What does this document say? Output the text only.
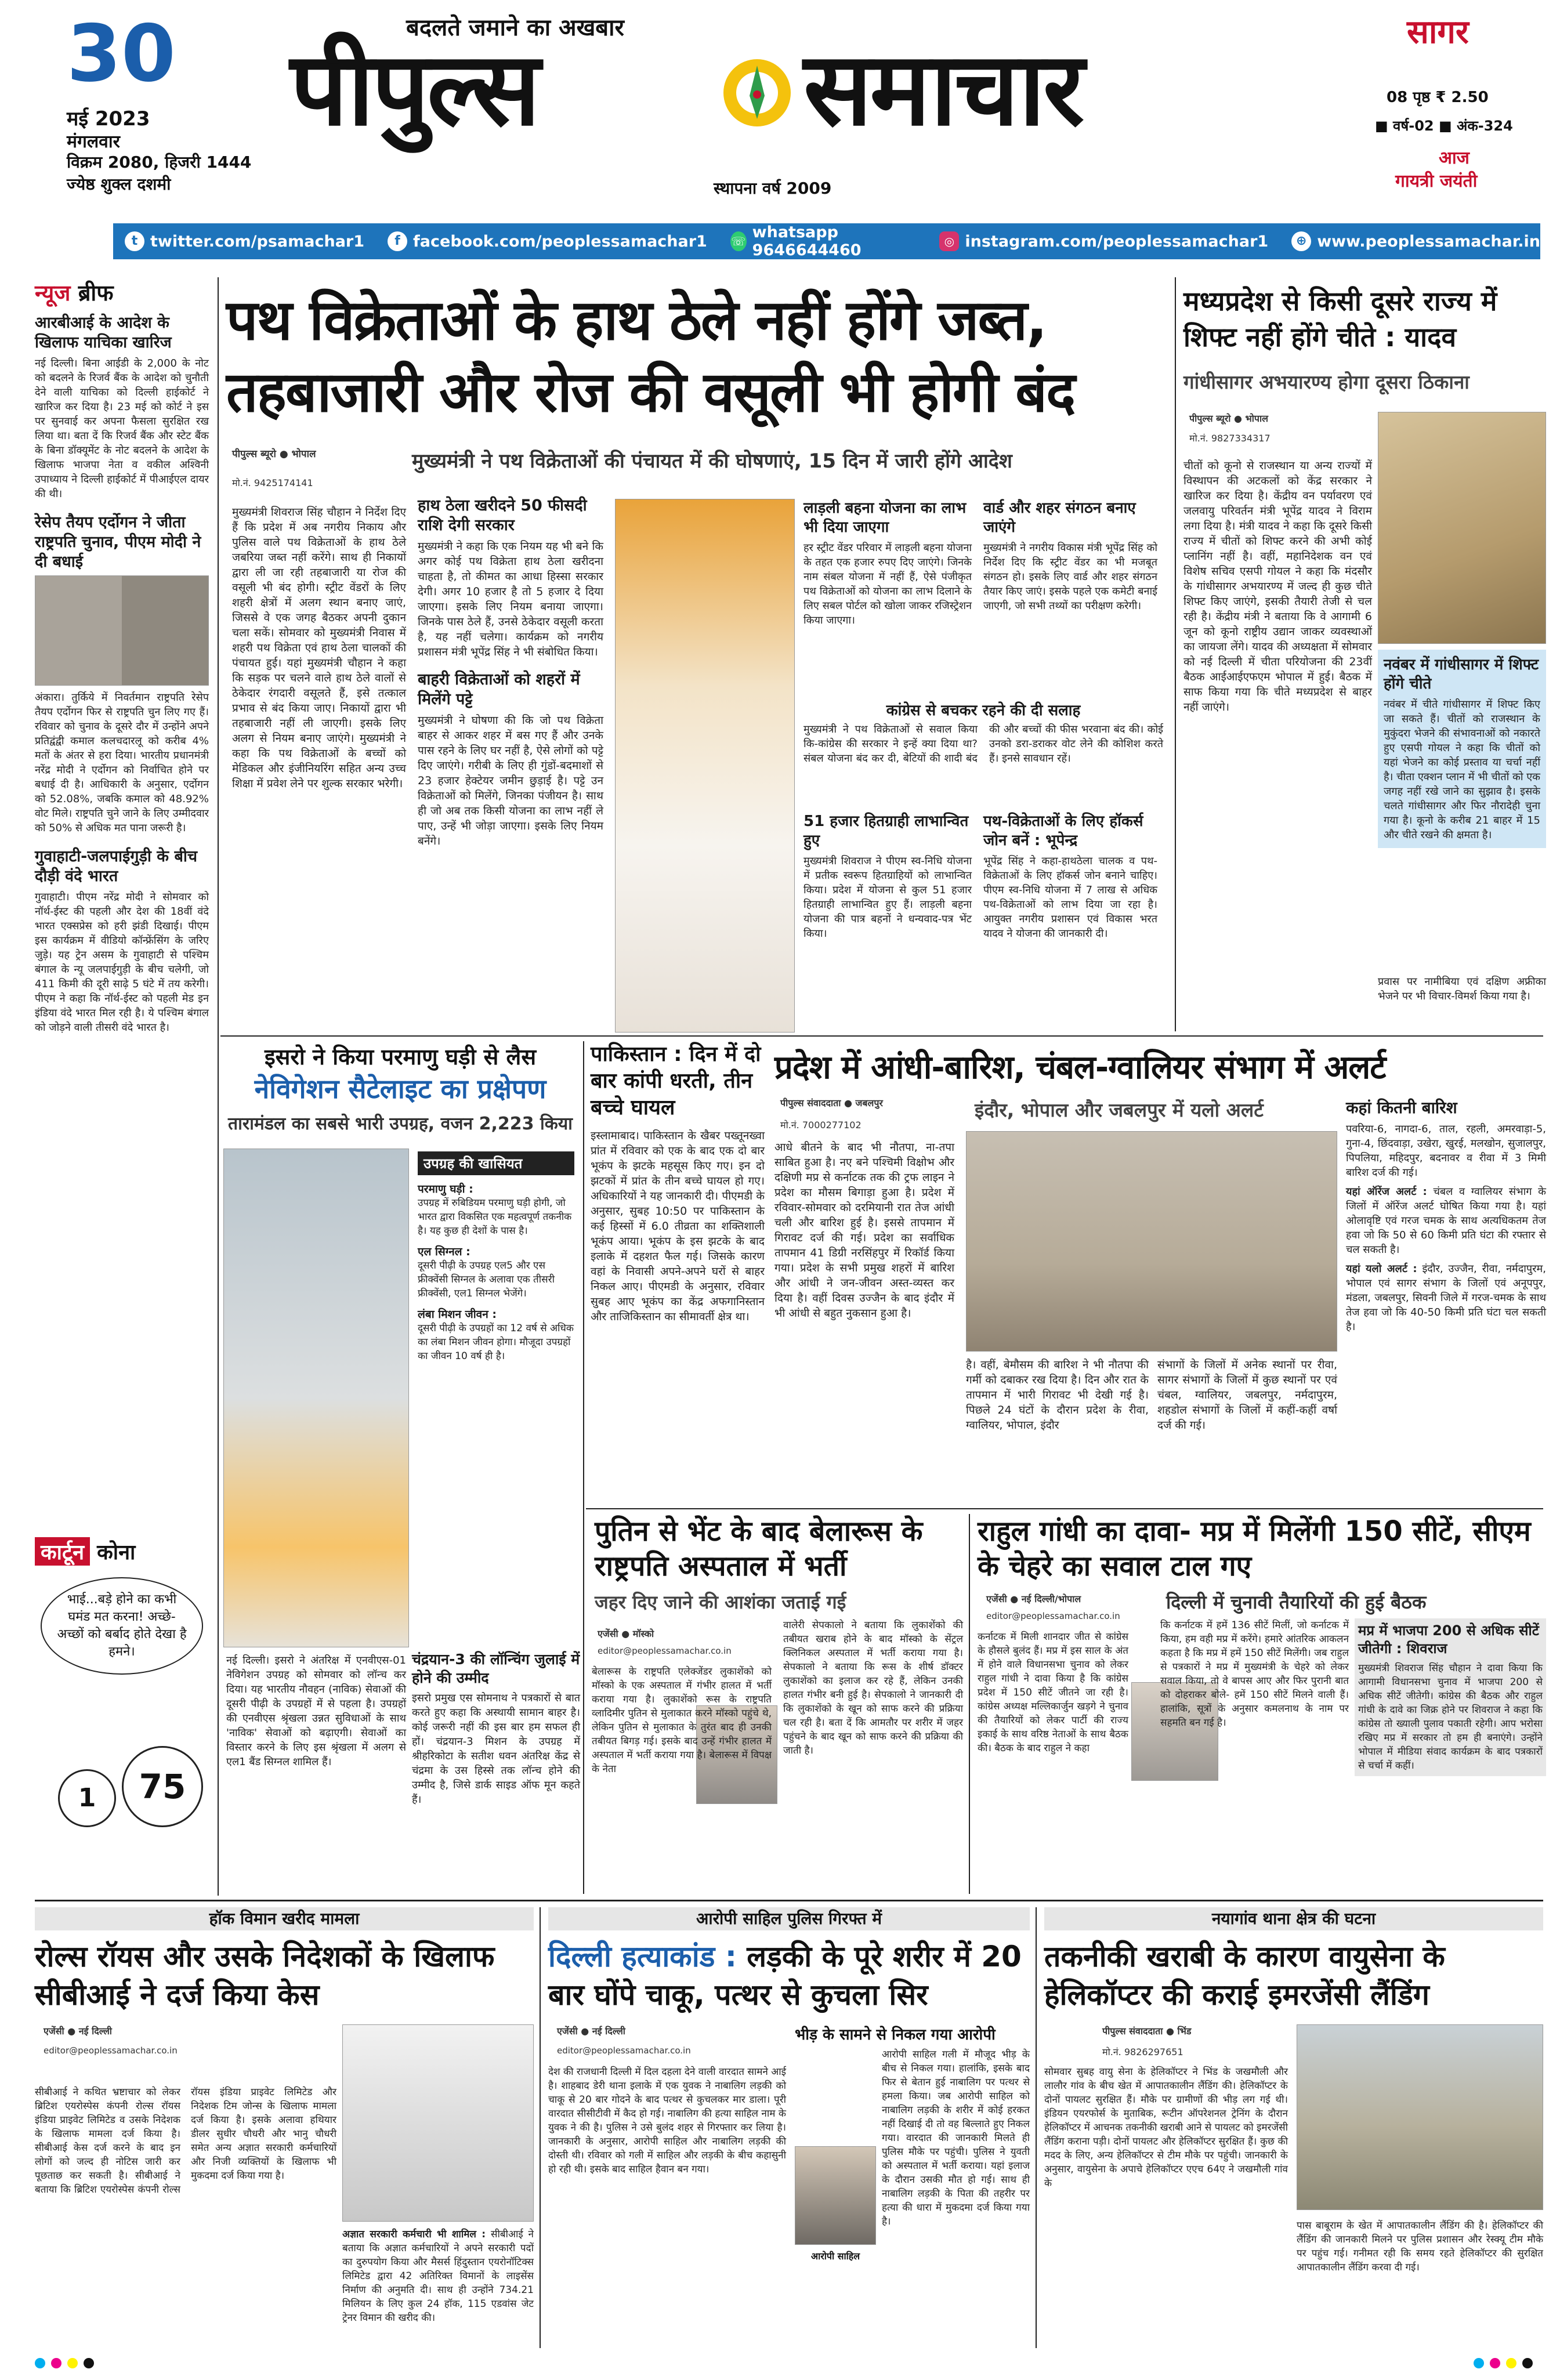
30
मई 2023
मंगलवार
विक्रम 2080, हिजरी 1444
ज्येष्ठ शुक्ल दशमी
बदलते जमाने का अखबार
पीपुल्स	समाचार
स्थापना वर्ष 2009
सागर
08 पृष्ठ ₹ 2.50
■ वर्ष-02 ■ अंक-324
आज
गायत्री जयंती
t twitter.com/psamachar1	f facebook.com/peoplessamachar1 ☏ whatsapp 9646644460	◎ instagram.com/peoplessamachar1	⊕ www.peoplessamachar.in
न्यूज ब्रीफ
आरबीआई के आदेश के खिलाफ याचिका खारिज
नई दिल्ली। बिना आईडी के 2,000 के नोट को बदलने के रिजर्व बैंक के आदेश को चुनौती देने वाली याचिका को दिल्ली हाईकोर्ट ने खारिज कर दिया है। 23 मई को कोर्ट ने इस पर सुनवाई कर अपना फैसला सुरक्षित रख लिया था। बता दें कि रिजर्व बैंक और स्टेट बैंक के बिना डॉक्यूमेंट के नोट बदलने के आदेश के खिलाफ भाजपा नेता व वकील अश्विनी उपाध्याय ने दिल्ली हाईकोर्ट में पीआईएल दायर की थी।
रेसेप तैयप एर्दोगन ने जीता राष्ट्रपति चुनाव, पीएम मोदी ने दी बधाई
अंकारा। तुर्किये में निवर्तमान राष्ट्रपति रेसेप तैयप एर्दोगन फिर से राष्ट्रपति चुन लिए गए हैं। रविवार को चुनाव के दूसरे दौर में उन्होंने अपने प्रतिद्वंद्वी कमाल कलचदारलू को करीब 4% मतों के अंतर से हरा दिया। भारतीय प्रधानमंत्री नरेंद्र मोदी ने एर्दोगन को निर्वाचित होने पर बधाई दी है। आधिकारी के अनुसार, एर्दोगन को 52.08%, जबकि कमाल को 48.92% वोट मिले। राष्ट्रपति चुने जाने के लिए उम्मीदवार को 50% से अधिक मत पाना जरूरी है।
गुवाहाटी-जलपाईगुड़ी के बीच दौड़ी वंदे भारत
गुवाहाटी। पीएम नरेंद्र मोदी ने सोमवार को नॉर्थ-ईस्ट की पहली और देश की 18वीं वंदे भारत एक्सप्रेस को हरी झंडी दिखाई। पीएम इस कार्यक्रम में वीडियो कॉन्फ्रेंसिंग के जरिए जुड़े। यह ट्रेन असम के गुवाहाटी से पश्चिम बंगाल के न्यू जलपाईगुड़ी के बीच चलेगी, जो 411 किमी की दूरी साढ़े 5 घंटे में तय करेगी। पीएम ने कहा कि नॉर्थ-ईस्ट को पहली मेड इन इंडिया वंदे भारत मिल रही है। ये पश्चिम बंगाल को जोड़ने वाली तीसरी वंदे भारत है।
कार्टून कोना
भाई...बड़े होने का कभी घमंड मत करना! अच्छे-अच्छों को बर्बाद होते देखा है हमने।
1	75
पथ विक्रेताओं के हाथ ठेले नहीं होंगे जब्त, तहबाजारी और रोज की वसूली भी होगी बंद
पीपुल्स ब्यूरो ● भोपाल
मो.नं. 9425174141
मुख्यमंत्री ने पथ विक्रेताओं की पंचायत में की घोषणाएं, 15 दिन में जारी होंगे आदेश
मुख्यमंत्री शिवराज सिंह चौहान ने निर्देश दिए हैं कि प्रदेश में अब नगरीय निकाय और पुलिस वाले पथ विक्रेताओं के हाथ ठेले जबरिया जब्त नहीं करेंगे। साथ ही निकायों द्वारा ली जा रही तहबाजारी या रोज की वसूली भी बंद होगी। स्ट्रीट वेंडरों के लिए शहरी क्षेत्रों में अलग स्थान बनाए जाएं, जिससे वे एक जगह बैठकर अपनी दुकान चला सकें। सोमवार को मुख्यमंत्री निवास में शहरी पथ विक्रेता एवं हाथ ठेला चालकों की पंचायत हुई। यहां मुख्यमंत्री चौहान ने कहा कि सड़क पर चलने वाले हाथ ठेले वालों से ठेकेदार रंगदारी वसूलते हैं, इसे तत्काल प्रभाव से बंद किया जाए। निकायों द्वारा भी तहबाजारी नहीं ली जाएगी। इसके लिए अलग से नियम बनाए जाएंगे। मुख्यमंत्री ने कहा कि पथ विक्रेताओं के बच्चों को मेडिकल और इंजीनियरिंग सहित अन्य उच्च शिक्षा में प्रवेश लेने पर शुल्क सरकार भरेगी।
हाथ ठेला खरीदने 50 फीसदी राशि देगी सरकार
मुख्यमंत्री ने कहा कि एक नियम यह भी बने कि अगर कोई पथ विक्रेता हाथ ठेला खरीदना चाहता है, तो कीमत का आधा हिस्सा सरकार देगी। अगर 10 हजार है तो 5 हजार दे दिया जाएगा। इसके लिए नियम बनाया जाएगा। जिनके पास ठेले हैं, उनसे ठेकेदार वसूली करता है, यह नहीं चलेगा। कार्यक्रम को नगरीय प्रशासन मंत्री भूपेंद्र सिंह ने भी संबोधित किया।
बाहरी विक्रेताओं को शहरों में मिलेंगे पट्टे
मुख्यमंत्री ने घोषणा की कि जो पथ विक्रेता बाहर से आकर शहर में बस गए हैं और उनके पास रहने के लिए घर नहीं है, ऐसे लोगों को पट्टे दिए जाएंगे। गरीबी के लिए ही गुंडों-बदमाशों से 23 हजार हेक्टेयर जमीन छुड़ाई है। पट्टे उन विक्रेताओं को मिलेंगे, जिनका पंजीयन है। साथ ही जो अब तक किसी योजना का लाभ नहीं ले पाए, उन्हें भी जोड़ा जाएगा। इसके लिए नियम बनेंगे।
लाड़ली बहना योजना का लाभ भी दिया जाएगा
हर स्ट्रीट वेंडर परिवार में लाड़ली बहना योजना के तहत एक हजार रुपए दिए जाएंगे। जिनके नाम संबल योजना में नहीं हैं, ऐसे पंजीकृत पथ विक्रेताओं को योजना का लाभ दिलाने के लिए सबल पोर्टल को खोला जाकर रजिस्ट्रेशन किया जाएगा।
वार्ड और शहर संगठन बनाए जाएंगे
मुख्यमंत्री ने नगरीय विकास मंत्री भूपेंद्र सिंह को निर्देश दिए कि स्ट्रीट वेंडर का भी मजबूत संगठन हो। इसके लिए वार्ड और शहर संगठन तैयार किए जाएं। इसके पहले एक कमेटी बनाई जाएगी, जो सभी तथ्यों का परीक्षण करेगी।
कांग्रेस से बचकर रहने की दी सलाह
मुख्यमंत्री ने पथ विक्रेताओं से सवाल किया कि-कांग्रेस की सरकार ने इन्हें क्या दिया था? संबल योजना बंद कर दी, बेटियों की शादी बंद की और बच्चों की फीस भरवाना बंद की। कोई उनको डरा-डराकर वोट लेने की कोशिश करते हैं। इनसे सावधान रहें।
51 हजार हितग्राही लाभान्वित हुए
मुख्यमंत्री शिवराज ने पीएम स्व-निधि योजना में प्रतीक स्वरूप हितग्राहियों को लाभान्वित किया। प्रदेश में योजना से कुल 51 हजार हितग्राही लाभान्वित हुए हैं। लाड़ली बहना योजना की पात्र बहनों ने धन्यवाद-पत्र भेंट किया।
पथ-विक्रेताओं के लिए हॉकर्स जोन बनें : भूपेन्द्र
भूपेंद्र सिंह ने कहा-हाथठेला चालक व पथ-विक्रेताओं के लिए हॉकर्स जोन बनाने चाहिए। पीएम स्व-निधि योजना में 7 लाख से अधिक पथ-विक्रेताओं को लाभ दिया जा रहा है। आयुक्त नगरीय प्रशासन एवं विकास भरत यादव ने योजना की जानकारी दी।
मध्यप्रदेश से किसी दूसरे राज्य में शिफ्ट नहीं होंगे चीते : यादव
गांधीसागर अभयारण्य होगा दूसरा ठिकाना
पीपुल्स ब्यूरो ● भोपाल
मो.नं. 9827334317
चीतों को कूनो से राजस्थान या अन्य राज्यों में विस्थापन की अटकलों को केंद्र सरकार ने खारिज कर दिया है। केंद्रीय वन पर्यावरण एवं जलवायु परिवर्तन मंत्री भूपेंद्र यादव ने विराम लगा दिया है। मंत्री यादव ने कहा कि दूसरे किसी राज्य में चीतों को शिफ्ट करने की अभी कोई प्लानिंग नहीं है। वहीं, महानिदेशक वन एवं विशेष सचिव एसपी गोयल ने कहा कि मंदसौर के गांधीसागर अभयारण्य में जल्द ही कुछ चीते शिफ्ट किए जाएंगे, इसकी तैयारी तेजी से चल रही है। केंद्रीय मंत्री ने बताया कि वे आगामी 6 जून को कूनो राष्ट्रीय उद्यान जाकर व्यवस्थाओं का जायजा लेंगे। यादव की अध्यक्षता में सोमवार को नई दिल्ली में चीता परियोजना की 23वीं बैठक आईआईएफएम भोपाल में हुई। बैठक में साफ किया गया कि चीते मध्यप्रदेश से बाहर नहीं जाएंगे।
नवंबर में गांधीसागर में शिफ्ट होंगे चीते
नवंबर में चीते गांधीसागर में शिफ्ट किए जा सकते हैं। चीतों को राजस्थान के मुकुंदरा भेजने की संभावनाओं को नकारते हुए एसपी गोयल ने कहा कि चीतों को यहां भेजने का कोई प्रस्ताव या चर्चा नहीं है। चीता एक्शन प्लान में भी चीतों को एक जगह नहीं रखे जाने का सुझाव है। इसके चलते गांधीसागर और फिर नौरादेही चुना गया है। कूनो के करीब 21 बाहर में 15 और चीते रखने की क्षमता है।
प्रवास पर नामीबिया एवं दक्षिण अफ्रीका भेजने पर भी विचार-विमर्श किया गया है।
इसरो ने किया परमाणु घड़ी से लैस
नेविगेशन सैटेलाइट का प्रक्षेपण
तारामंडल का सबसे भारी उपग्रह, वजन 2,223 किया
उपग्रह की खासियत
परमाणु घड़ी :
उपग्रह में रुबिडियम परमाणु घड़ी होगी, जो भारत द्वारा विकसित एक महत्वपूर्ण तकनीक है। यह कुछ ही देशों के पास है।
एल सिग्नल :
दूसरी पीढ़ी के उपग्रह एल5 और एस फ्रीक्वेंसी सिग्नल के अलावा एक तीसरी फ्रीक्वेंसी, एल1 सिग्नल भेजेंगे।
लंबा मिशन जीवन :
दूसरी पीढ़ी के उपग्रहों का 12 वर्ष से अधिक का लंबा मिशन जीवन होगा। मौजूदा उपग्रहों का जीवन 10 वर्ष ही है।
नई दिल्ली। इसरो ने अंतरिक्ष में एनवीएस-01 नेविगेशन उपग्रह को सोमवार को लॉन्च कर दिया। यह भारतीय नौवहन (नाविक) सेवाओं की दूसरी पीढ़ी के उपग्रहों में से पहला है। उपग्रहों की एनवीएस श्रृंखला उन्नत सुविधाओं के साथ 'नाविक' सेवाओं को बढ़ाएगी। सेवाओं का विस्तार करने के लिए इस श्रृंखला में अलग से एल1 बैंड सिग्नल शामिल हैं।
चंद्रयान-3 की लॉन्चिंग जुलाई में होने की उम्मीद
इसरो प्रमुख एस सोमनाथ ने पत्रकारों से बात करते हुए कहा कि अस्थायी सामान बाहर है। कोई जरूरी नहीं की इस बार हम सफल ही हों। चंद्रयान-3 मिशन के उपग्रह में श्रीहरिकोटा के सतीश धवन अंतरिक्ष केंद्र से चंद्रमा के उस हिस्से तक लॉन्च होने की उम्मीद है, जिसे डार्क साइड ऑफ मून कहते हैं।
पाकिस्तान : दिन में दो बार कांपी धरती, तीन बच्चे घायल
इस्लामाबाद। पाकिस्तान के खैबर पख्तूनख्वा प्रांत में रविवार को एक के बाद एक दो बार भूकंप के झटके महसूस किए गए। इन दो झटकों में प्रांत के तीन बच्चे घायल हो गए। अधिकारियों ने यह जानकारी दी। पीएमडी के अनुसार, सुबह 10:50 पर पाकिस्तान के कई हिस्सों में 6.0 तीव्रता का शक्तिशाली भूकंप आया। भूकंप के इस झटके के बाद इलाके में दहशत फैल गई। जिसके कारण वहां के निवासी अपने-अपने घरों से बाहर निकल आए। पीएमडी के अनुसार, रविवार सुबह आए भूकंप का केंद्र अफगानिस्तान और ताजिकिस्तान का सीमावर्ती क्षेत्र था।
प्रदेश में आंधी-बारिश, चंबल-ग्वालियर संभाग में अलर्ट
पीपुल्स संवाददाता ● जबलपुर
मो.नं. 7000277102
आधे बीतने के बाद भी नौतपा, ना-तपा साबित हुआ है। नए बने पश्चिमी विक्षोभ और दक्षिणी मप्र से कर्नाटक तक की ट्रफ लाइन ने प्रदेश का मौसम बिगाड़ा हुआ है। प्रदेश में रविवार-सोमवार को दरमियानी रात तेज आंधी चली और बारिश हुई है। इससे तापमान में गिरावट दर्ज की गई। प्रदेश का सर्वाधिक तापमान 41 डिग्री नरसिंहपुर में रिकॉर्ड किया गया। प्रदेश के सभी प्रमुख शहरों में बारिश और आंधी ने जन-जीवन अस्त-व्यस्त कर दिया है। वहीं दिवस उज्जैन के बाद इंदौर में भी आंधी से बहुत नुकसान हुआ है।
इंदौर, भोपाल और जबलपुर में यलो अलर्ट
है। वहीं, बेमौसम की बारिश ने भी नौतपा की गर्मी को दबाकर रख दिया है। दिन और रात के तापमान में भारी गिरावट भी देखी गई है। पिछले 24 घंटों के दौरान प्रदेश के रीवा, ग्वालियर, भोपाल, इंदौर
संभागों के जिलों में अनेक स्थानों पर रीवा, सागर संभागों के जिलों में कुछ स्थानों पर एवं चंबल, ग्वालियर, जबलपुर, नर्मदापुरम, शहडोल संभागों के जिलों में कहीं-कहीं वर्षा दर्ज की गई।
कहां कितनी बारिश
पवरिया-6, नागदा-6, ताल, रहली, अमरवाड़ा-5, गुना-4, छिंदवाड़ा, उखेरा, खुरई, मलखोन, सुजालपुर, पिपलिया, महिदपुर, बदनावर व रीवा में 3 मिमी बारिश दर्ज की गई।
यहां ऑरेंज अलर्ट : चंबल व ग्वालियर संभाग के जिलों में ऑरेंज अलर्ट घोषित किया गया है। यहां ओलावृष्टि एवं गरज चमक के साथ अत्यधिकतम तेज हवा जो कि 50 से 60 किमी प्रति घंटा की रफ्तार से चल सकती है।
यहां यलो अलर्ट : इंदौर, उज्जैन, रीवा, नर्मदापुरम, भोपाल एवं सागर संभाग के जिलों एवं अनूपपुर, मंडला, जबलपुर, सिवनी जिले में गरज-चमक के साथ तेज हवा जो कि 40-50 किमी प्रति घंटा चल सकती है।
पुतिन से भेंट के बाद बेलारूस के राष्ट्रपति अस्पताल में भर्ती
जहर दिए जाने की आशंका जताई गई
एजेंसी ● मॉस्को
editor@peoplessamachar.co.in
बेलारूस के राष्ट्रपति एलेक्जेंडर लुकाशेंको को मॉस्को के एक अस्पताल में गंभीर हालत में भर्ती कराया गया है। लुकाशेंको रूस के राष्ट्रपति व्लादिमीर पुतिन से मुलाकात करने मॉस्को पहुंचे थे, लेकिन पुतिन से मुलाकात के तुरंत बाद ही उनकी तबीयत बिगड़ गई। इसके बाद उन्हें गंभीर हालत में अस्पताल में भर्ती कराया गया है। बेलारूस में विपक्ष के नेता
वालेरी सेपकालो ने बताया कि लुकाशेंको की तबीयत खराब होने के बाद मॉस्को के सेंट्रल क्लिनिकल अस्पताल में भर्ती कराया गया है। सेपकालो ने बताया कि रूस के शीर्ष डॉक्टर लुकाशेंको का इलाज कर रहे हैं, लेकिन उनकी हालत गंभीर बनी हुई है। सेपकालो ने जानकारी दी कि लुकाशेंको के खून को साफ करने की प्रक्रिया चल रही है। बता दें कि आमतौर पर शरीर में जहर पहुंचने के बाद खून को साफ करने की प्रक्रिया की जाती है।
राहुल गांधी का दावा- मप्र में मिलेंगी 150 सीटें, सीएम के चेहरे का सवाल टाल गए
एजेंसी ● नई दिल्ली/भोपाल
editor@peoplessamachar.co.in
दिल्ली में चुनावी तैयारियों की हुई बैठक
कर्नाटक में मिली शानदार जीत से कांग्रेस के हौसले बुलंद हैं। मप्र में इस साल के अंत में होने वाले विधानसभा चुनाव को लेकर राहुल गांधी ने दावा किया है कि कांग्रेस प्रदेश में 150 सीटें जीतने जा रही है। कांग्रेस अध्यक्ष मल्लिकार्जुन खड़गे ने चुनाव की तैयारियों को लेकर पार्टी की राज्य इकाई के साथ वरिष्ठ नेताओं के साथ बैठक की। बैठक के बाद राहुल ने कहा
कि कर्नाटक में हमें 136 सीटें मिलीं, जो कर्नाटक में किया, हम वही मप्र में करेंगे। हमारे आंतरिक आकलन कहता है कि मप्र में हमें 150 सीटें मिलेंगी। जब राहुल से पत्रकारों ने मप्र में मुख्यमंत्री के चेहरे को लेकर सवाल किया, तो वे बापस आए और फिर पुरानी बात को दोहराकर बोले- हमें 150 सीटें मिलने वाली हैं। हालांकि, सूत्रों के अनुसार कमलनाथ के नाम पर सहमति बन गई है।
मप्र में भाजपा 200 से अधिक सीटें जीतेगी : शिवराज
मुख्यमंत्री शिवराज सिंह चौहान ने दावा किया कि आगामी विधानसभा चुनाव में भाजपा 200 से अधिक सीटें जीतेगी। कांग्रेस की बैठक और राहुल गांधी के दावे का जिक्र होने पर शिवराज ने कहा कि कांग्रेस तो ख्याली पुलाव पकाती रहेगी। आप भरोसा रखिए मप्र में सरकार तो हम ही बनाएंगे। उन्होंने भोपाल में मीडिया संवाद कार्यक्रम के बाद पत्रकारों से चर्चा में कहीं।
हॉक विमान खरीद मामला
रोल्स रॉयस और उसके निदेशकों के खिलाफ सीबीआई ने दर्ज किया केस
एजेंसी ● नई दिल्ली
editor@peoplessamachar.co.in
सीबीआई ने कथित भ्रष्टाचार को लेकर ब्रिटिश एयरोस्पेस कंपनी रोल्स रॉयस इंडिया प्राइवेट लिमिटेड व उसके निदेशक के खिलाफ मामला दर्ज किया है। सीबीआई केस दर्ज करने के बाद इन लोगों को जल्द ही नोटिस जारी कर पूछताछ कर सकती है। सीबीआई ने बताया कि ब्रिटिश एयरोस्पेस कंपनी रोल्स रॉयस इंडिया प्राइवेट लिमिटेड और निदेशक टिम जोन्स के खिलाफ मामला दर्ज किया है। इसके अलावा हथियार डीलर सुधीर चौधरी और भानु चौधरी समेत अन्य अज्ञात सरकारी कर्मचारियों और निजी व्यक्तियों के खिलाफ भी मुकदमा दर्ज किया गया है।
अज्ञात सरकारी कर्मचारी भी शामिल : सीबीआई ने बताया कि अज्ञात कर्मचारियों ने अपने सरकारी पदों का दुरुपयोग किया और मैसर्स हिंदुस्तान एयरोनॉटिक्स लिमिटेड द्वारा 42 अतिरिक्त विमानों के लाइसेंस निर्माण की अनुमति दी। साथ ही उन्होंने 734.21 मिलियन के लिए कुल 24 हॉक, 115 एडवांस जेट ट्रेनर विमान की खरीद की।
आरोपी साहिल पुलिस गिरफ्त में
दिल्ली हत्याकांड : लड़की के पूरे शरीर में 20 बार घोंपे चाकू, पत्थर से कुचला सिर
एजेंसी ● नई दिल्ली
editor@peoplessamachar.co.in
भीड़ के सामने से निकल गया आरोपी
देश की राजधानी दिल्ली में दिल दहला देने वाली वारदात सामने आई है। शाहबाद डेरी थाना इलाके में एक युवक ने नाबालिग लड़की को चाकू से 20 बार गोदने के बाद पत्थर से कुचलकर मार डाला। पूरी वारदात सीसीटीवी में कैद हो गई। नाबालिग की हत्या साहिल नाम के युवक ने की है। पुलिस ने उसे बुलंद शहर से गिरफ्तार कर लिया है। जानकारी के अनुसार, आरोपी साहिल और नाबालिग लड़की की दोस्ती थी। रविवार को गली में साहिल और लड़की के बीच कहासुनी हो रही थी। इसके बाद साहिल हैवान बन गया।
आरोपी साहिल
आरोपी साहिल गली में मौजूद भीड़ के बीच से निकल गया। हालांकि, इसके बाद फिर से बेतान हुई नाबालिग पर पत्थर से हमला किया। जब आरोपी साहिल को नाबालिग लड़की के शरीर में कोई हरकत नहीं दिखाई दी तो वह बिल्लाते हुए निकल गया। वारदात की जानकारी मिलते ही पुलिस मौके पर पहुंची। पुलिस ने युवती को अस्पताल में भर्ती कराया। यहां इलाज के दौरान उसकी मौत हो गई। साथ ही नाबालिग लड़की के पिता की तहरीर पर हत्या की धारा में मुकदमा दर्ज किया गया है।
नयागांव थाना क्षेत्र की घटना
तकनीकी खराबी के कारण वायुसेना के हेलिकॉप्टर की कराई इमरजेंसी लैंडिंग
पीपुल्स संवाददाता ● भिंड
मो.नं. 9826297651
सोमवार सुबह वायु सेना के हेलिकॉप्टर ने भिंड के जखमौली और लालौर गांव के बीच खेत में आपातकालीन लैंडिंग की। हेलिकॉप्टर के दोनों पायलट सुरक्षित हैं। मौके पर ग्रामीणों की भीड़ लग गई थी। इंडियन एयरफोर्स के मुताबिक, रूटीन ऑपरेशनल ट्रेनिंग के दौरान हेलिकॉप्टर में आचनक तकनीकी खराबी आने से पायलट को इमरजेंसी लैंडिंग कराना पड़ी। दोनों पायलट और हेलिकॉप्टर सुरक्षित हैं। कुछ की मदद के लिए, अन्य हेलिकॉप्टर से टीम मौके पर पहुंची। जानकारी के अनुसार, वायुसेना के अपाचे हेलिकॉप्टर एएच 64ए ने जखमौली गांव के
पास बाबूराम के खेत में आपातकालीन लैंडिंग की है। हेलिकॉप्टर की लैंडिंग की जानकारी मिलने पर पुलिस प्रशासन और रेस्क्यू टीम मौके पर पहुंच गई। गनीमत रही कि समय रहते हेलिकॉप्टर की सुरक्षित आपातकालीन लैंडिंग करवा दी गई।
